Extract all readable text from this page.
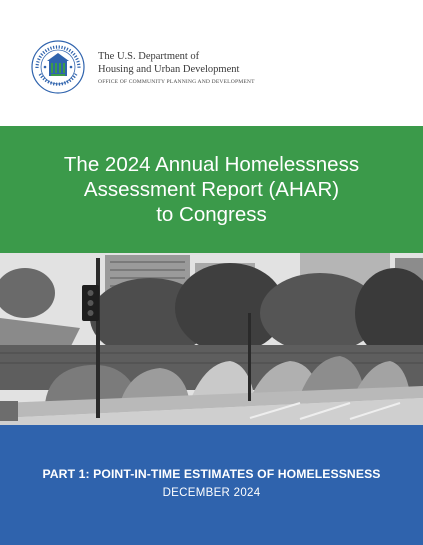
The U.S. Department of
Housing and Urban Development
OFFICE OF COMMUNITY PLANNING AND DEVELOPMENT
The 2024 Annual Homelessness
Assessment Report (AHAR)
to Congress
PART 1: POINT-IN-TIME ESTIMATES OF HOMELESSNESS
DECEMBER 2024
